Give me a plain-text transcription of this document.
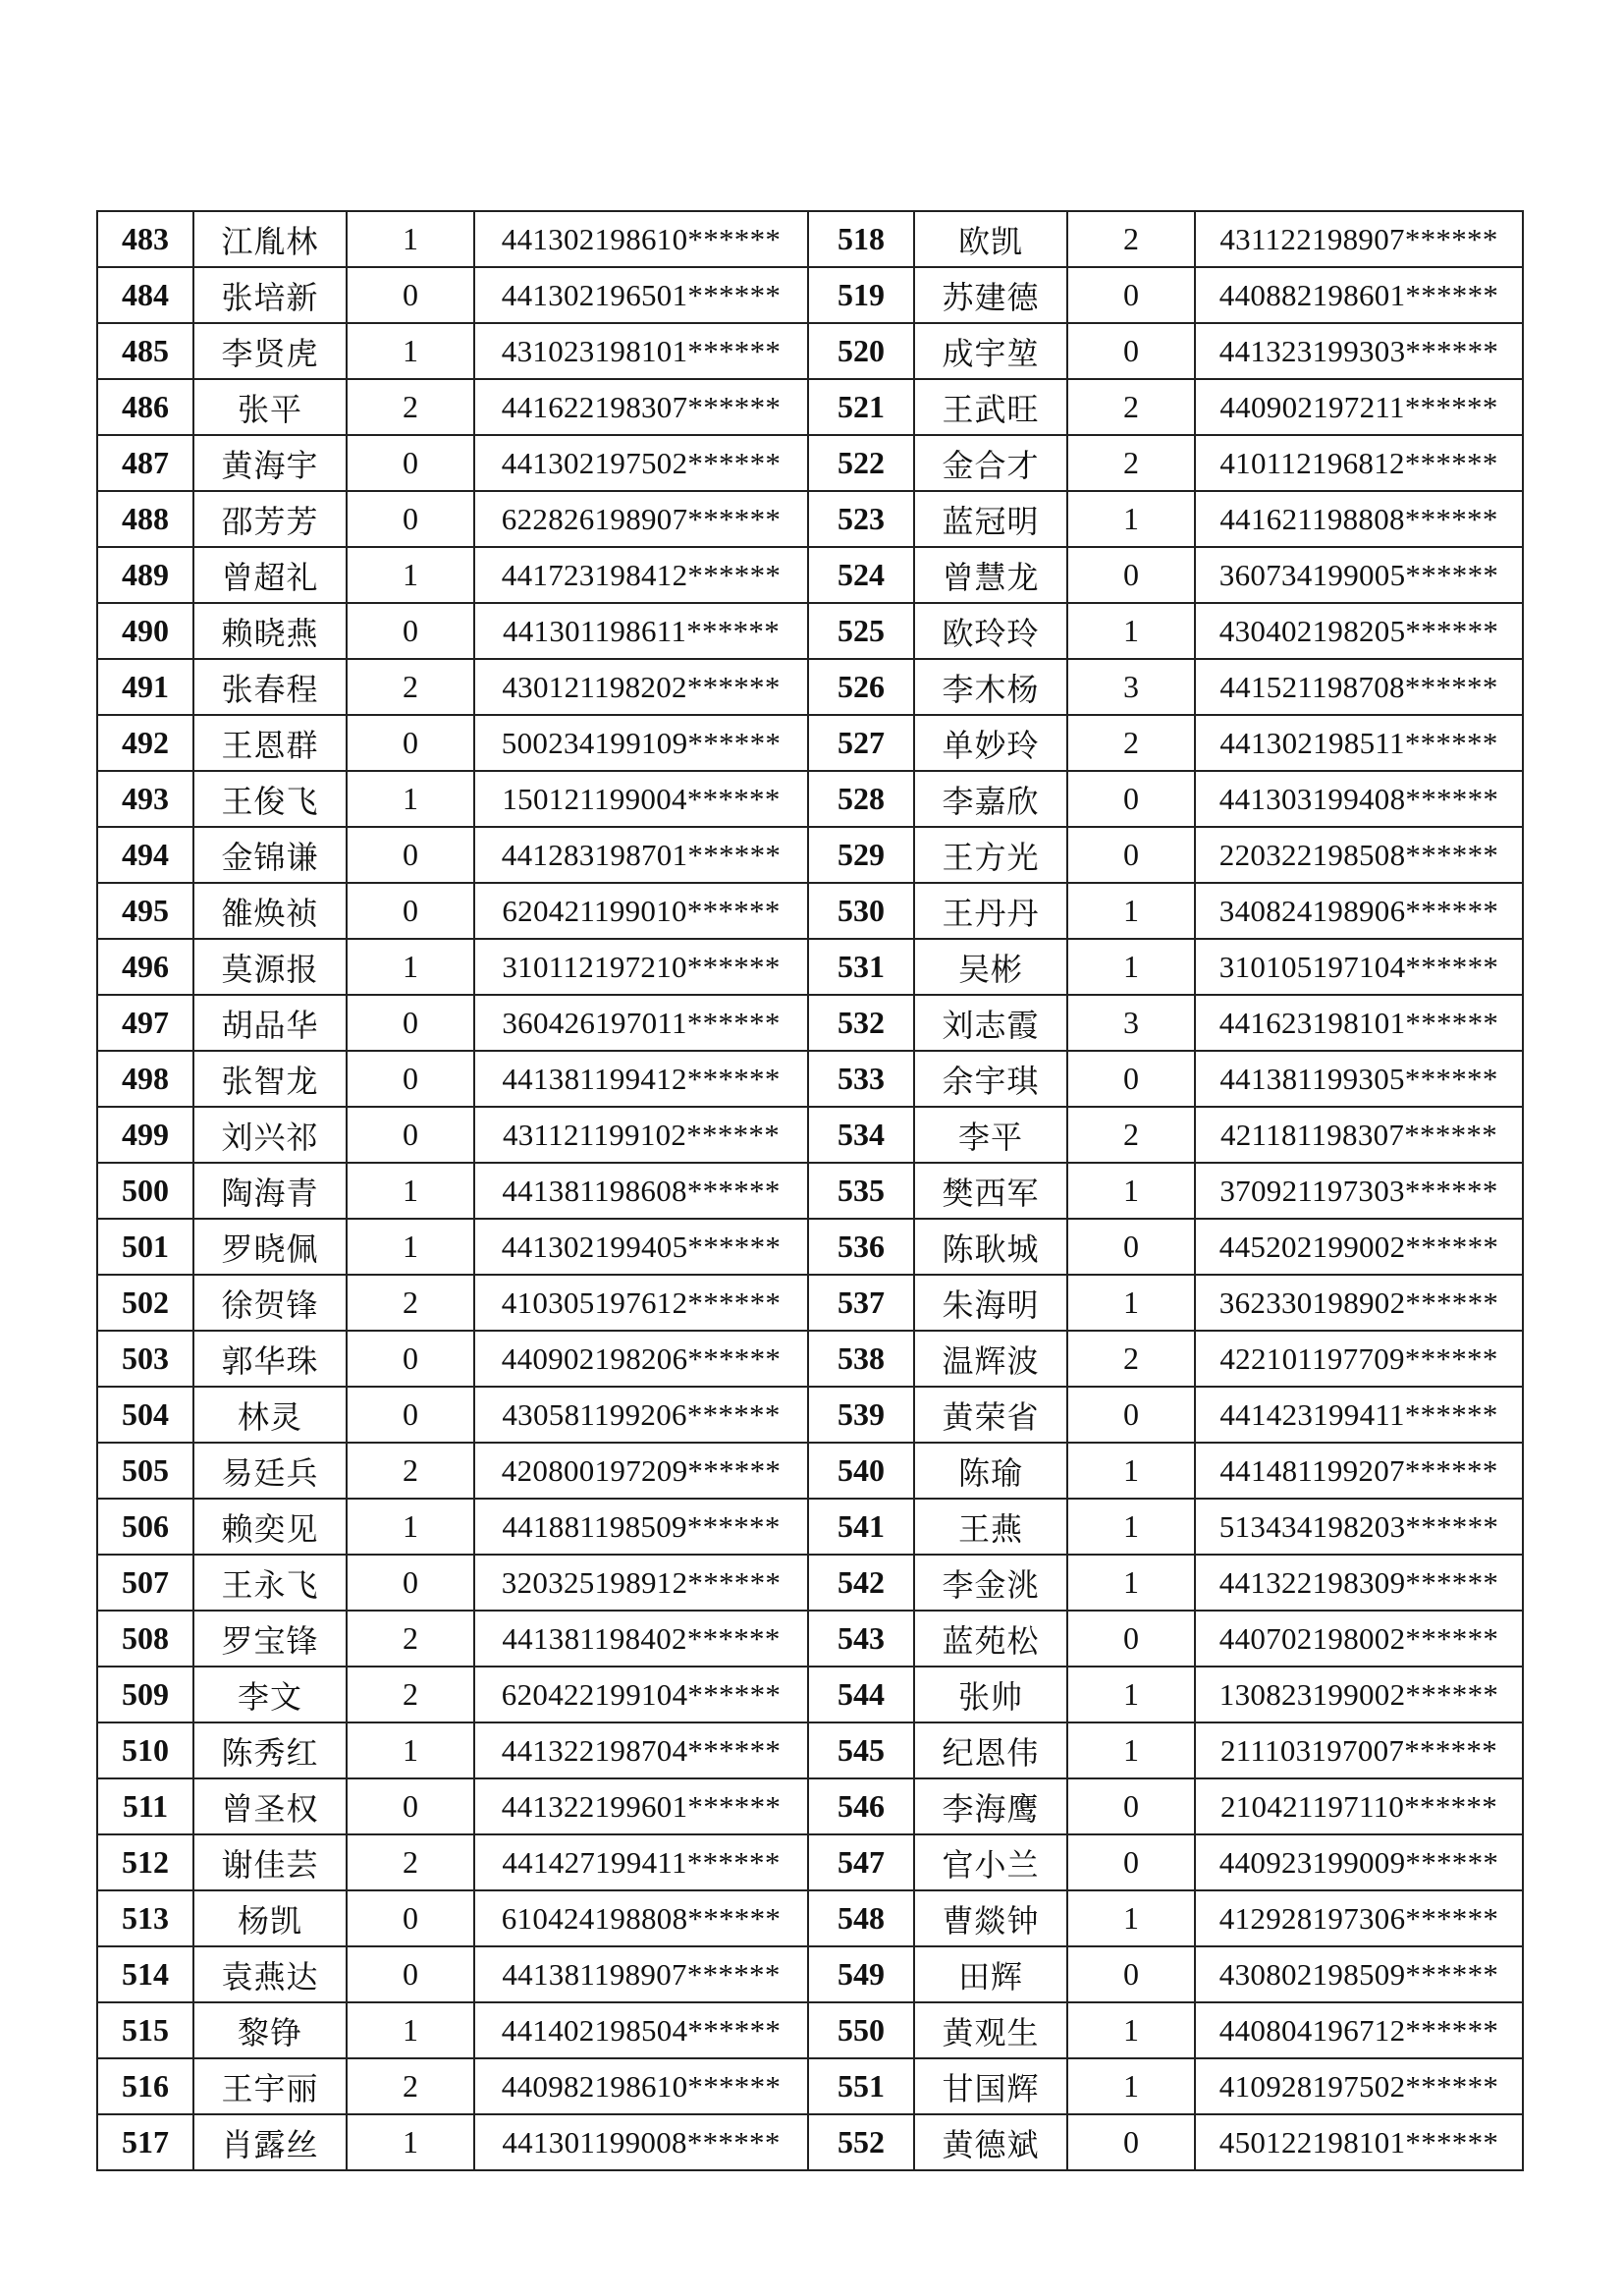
483	江胤林	1	441302198610******	518	欧凯	2	431122198907******
484	张培新	0	441302196501******	519	苏建德	0	440882198601******
485	李贤虎	1	431023198101******	520	成宇堃	0	441323199303******
486	张平	2	441622198307******	521	王武旺	2	440902197211******
487	黄海宇	0	441302197502******	522	金合才	2	410112196812******
488	邵芳芳	0	622826198907******	523	蓝冠明	1	441621198808******
489	曾超礼	1	441723198412******	524	曾慧龙	0	360734199005******
490	赖晓燕	0	441301198611******	525	欧玲玲	1	430402198205******
491	张春程	2	430121198202******	526	李木杨	3	441521198708******
492	王恩群	0	500234199109******	527	单妙玲	2	441302198511******
493	王俊飞	1	150121199004******	528	李嘉欣	0	441303199408******
494	金锦谦	0	441283198701******	529	王方光	0	220322198508******
495	雒焕祯	0	620421199010******	530	王丹丹	1	340824198906******
496	莫源报	1	310112197210******	531	吴彬	1	310105197104******
497	胡品华	0	360426197011******	532	刘志霞	3	441623198101******
498	张智龙	0	441381199412******	533	余宇琪	0	441381199305******
499	刘兴祁	0	431121199102******	534	李平	2	421181198307******
500	陶海青	1	441381198608******	535	樊西军	1	370921197303******
501	罗晓佩	1	441302199405******	536	陈耿城	0	445202199002******
502	徐贺锋	2	410305197612******	537	朱海明	1	362330198902******
503	郭华珠	0	440902198206******	538	温辉波	2	422101197709******
504	林灵	0	430581199206******	539	黄荣省	0	441423199411******
505	易廷兵	2	420800197209******	540	陈瑜	1	441481199207******
506	赖奕见	1	441881198509******	541	王燕	1	513434198203******
507	王永飞	0	320325198912******	542	李金洮	1	441322198309******
508	罗宝锋	2	441381198402******	543	蓝苑松	0	440702198002******
509	李文	2	620422199104******	544	张帅	1	130823199002******
510	陈秀红	1	441322198704******	545	纪恩伟	1	211103197007******
511	曾圣权	0	441322199601******	546	李海鹰	0	210421197110******
512	谢佳芸	2	441427199411******	547	官小兰	0	440923199009******
513	杨凯	0	610424198808******	548	曹燚钟	1	412928197306******
514	袁燕达	0	441381198907******	549	田辉	0	430802198509******
515	黎铮	1	441402198504******	550	黄观生	1	440804196712******
516	王宇丽	2	440982198610******	551	甘国辉	1	410928197502******
517	肖露丝	1	441301199008******	552	黄德斌	0	450122198101******
